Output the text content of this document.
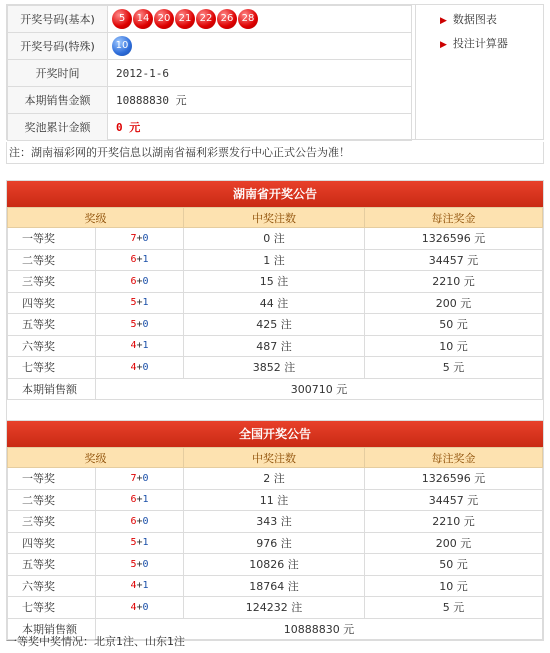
开奖号码(基本)	5 14 20 21 22 26 28
开奖号码(特殊)	10
开奖时间	2012-1-6
本期销售金额	10888830 元
奖池累计金额	0 元
▶ 数据图表
▶ 投注计算器
注：湖南福彩网的开奖信息以湖南省福利彩票发行中心正式公告为准！
湖南省开奖公告
奖级		中奖注数	每注奖金
一等奖	7+0	0 注	1326596 元
二等奖	6+1	1 注	34457 元
三等奖	6+0	15 注	2210 元
四等奖	5+1	44 注	200 元
五等奖	5+0	425 注	50 元
六等奖	4+1	487 注	10 元
七等奖	4+0	3852 注	5 元
本期销售额	300710 元		
全国开奖公告
奖级		中奖注数	每注奖金
一等奖	7+0	2 注	1326596 元
二等奖	6+1	11 注	34457 元
三等奖	6+0	343 注	2210 元
四等奖	5+1	976 注	200 元
五等奖	5+0	10826 注	50 元
六等奖	4+1	18764 注	10 元
七等奖	4+0	124232 注	5 元
本期销售额	10888830 元		
一等奖中奖情况：北京1注、山东1注
